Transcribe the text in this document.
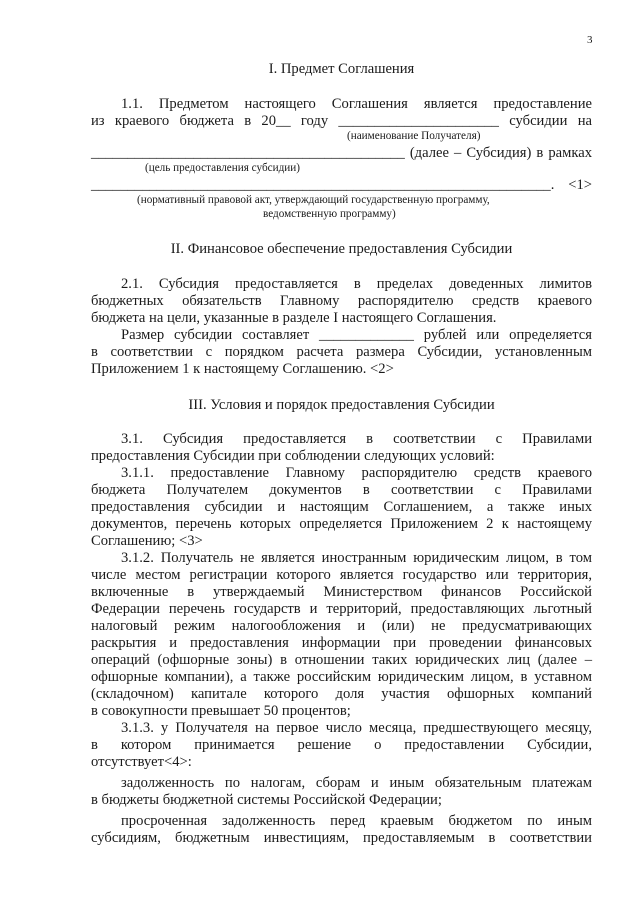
3
I. Предмет Соглашения
1.1. Предметом настоящего Соглашения является предоставление
из краевого бюджета в 20__ году ______________________ субсидии на
(наименование Получателя)
___________________________________________ (далее – Субсидия) в рамках
(цель предоставления субсидии)
_______________________________________________________________. <1>
(нормативный правовой акт, утверждающий государственную программу,
ведомственную программу)
II. Финансовое обеспечение предоставления Субсидии
2.1. Субсидия предоставляется в пределах доведенных лимитов
бюджетных обязательств Главному распорядителю средств краевого
бюджета на цели, указанные в разделе I настоящего Соглашения.
Размер субсидии составляет _____________ рублей или определяется
в соответствии с порядком расчета размера Субсидии, установленным
Приложением 1 к настоящему Соглашению. <2>
III. Условия и порядок предоставления Субсидии
3.1. Субсидия предоставляется в соответствии с Правилами
предоставления Субсидии при соблюдении следующих условий:
3.1.1. предоставление Главному распорядителю средств краевого
бюджета Получателем документов в соответствии с Правилами
предоставления субсидии и настоящим Соглашением, а также иных
документов, перечень которых определяется Приложением 2 к настоящему
Соглашению; <3>
3.1.2. Получатель не является иностранным юридическим лицом, в том
числе местом регистрации которого является государство или территория,
включенные в утверждаемый Министерством финансов Российской
Федерации перечень государств и территорий, предоставляющих льготный
налоговый режим налогообложения и (или) не предусматривающих
раскрытия и предоставления информации при проведении финансовых
операций (офшорные зоны) в отношении таких юридических лиц (далее –
офшорные компании), а также российским юридическим лицом, в уставном
(складочном) капитале которого доля участия офшорных компаний
в совокупности превышает 50 процентов;
3.1.3. у Получателя на первое число месяца, предшествующего месяцу,
в котором принимается решение о предоставлении Субсидии,
отсутствует<4>:
задолженность по налогам, сборам и иным обязательным платежам
в бюджеты бюджетной системы Российской Федерации;
просроченная задолженность перед краевым бюджетом по иным
субсидиям, бюджетным инвестициям, предоставляемым в соответствии
